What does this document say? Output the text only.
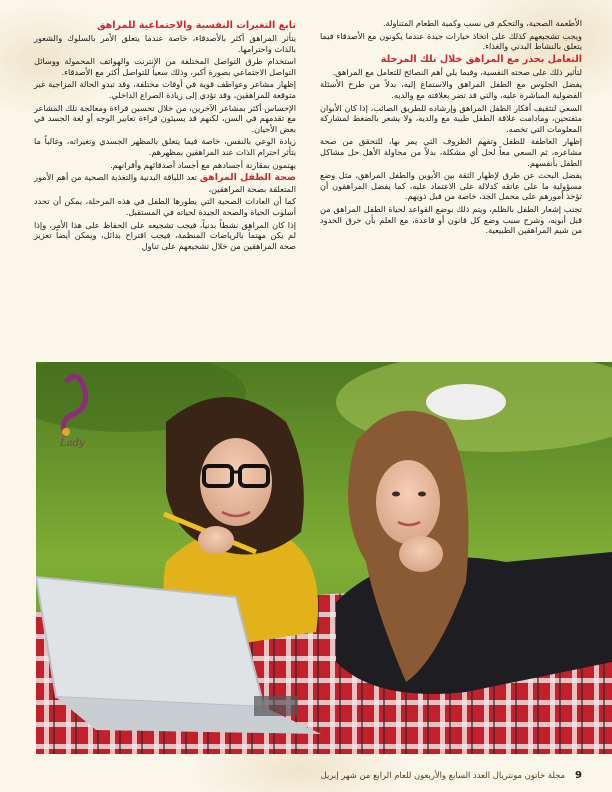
تابع التغيرات النفسية والاجتماعية للمراهق

يتأثر المراهق أكثر بالأصدقاء، خاصة عندما يتعلق الأمر بالسلوك والشعور بالذات واحترامها.

استخدام طرق التواصل المختلفة من الإنترنت والهواتف المحمولة ووسائل التواصل الاجتماعي بصورة أكبر، وذلك سعياً للتواصل أكثر مع الأصدقاء.

إظهار مشاعر وعواطف قوية في أوقات مختلفة، وقد تبدو الحالة المزاجية غير متوقعة للمراهقين، وقد تؤدي إلى زيادة الصراع الداخلي.

الإحساس أكثر بمشاعر الآخرين، من خلال تحسين قراءة ومعالجة تلك المشاعر مع تقدمهم في السن، لكنهم قد يسيئون قراءة تعابير الوجه أو لغة الجسد في بعض الأحيان.

زيادة الوعي بالنفس، خاصة فيما يتعلق بالمظهر الجسدي وتغيراته، وغالباً ما يتأثر احترام الذات عند المراهقين بمظهرهم.

يهتمون بمقارنة أجسادهم مع أجساد أصدقائهم وأقرانهم.

صحة الطفل المراهق تعد اللياقة البدنية والتغذية الصحية من أهم الأمور المتعلقة بصحة المراهقين،

كما أن العادات الصحية التي يطورها الطفل في هذه المرحلة، يمكن أن تحدد أسلوب الحياة والصحة الجيدة لحياته في المستقبل.

إذا كان المراهق نشطاً بدنياً، فيجب تشجيعه على الحفاظ على هذا الأمر، وإذا لم يكن مهتماً بالرياضات المنظمة، فيجب اقتراح بدائل، ويمكن أيضاً تعزيز صحة المراهقين من خلال تشجيعهم على تناول

الأطعمة الصحية، والتحكم في نسب وكمية الطعام المتناولة.

ويجب تشجيعهم كذلك على اتخاذ خيارات جيدة عندما يكونون مع الأصدقاء فيما يتعلق بالنشاط البدني والغذاء.

التعامل بحذر مع المراهق خلال تلك المرحلة

لتأثير ذلك على صحته النفسية، وفيما يلي أهم النصائح للتعامل مع المراهق.

يفضل الجلوس مع الطفل المراهق والاستماع إليه، بدلاً من طرح الأسئلة الفضولية المباشرة عليه، والتي قد تضر بعلاقته مع والديه.

السعي لتثقيف أفكار الطفل المراهق وإرشاده للطريق الصائب، إذا كان الأبوان متفتحين، ومادامت علاقة الطفل طيبة مع والديه، ولا يشعر بالضغط لمشاركة المعلومات التي تخصه.

إظهار العاطفة للطفل وتفهم الظروف التي يمر بها، للتحقق من صحة مشاعره، ثم السعي معاً لحل أي مشكلة، بدلاً من محاولة الأهل حل مشاكل الطفل بأنفسهم.

يفضل البحث عن طرق لإظهار الثقة بين الأبوين والطفل المراهق، مثل وضع مسؤولية ما على عاتقه كدلالة على الاعتماد عليه، كما يفضل المراهقون أن تؤخذ أمورهم على محمل الجد، خاصة من قبل ذويهم.

تجنب إشعار الطفل بالظلم، ويتم ذلك بوضع القواعد لحياة الطفل المراهق من قبل أبويه، وشرح سبب وضع كل قانون أو قاعدة، مع العلم بأن خرق الحدود من شيم المراهقين الطبيعية.

Lady
9
مجلة خاتون مونتريال العدد السابع والأربعون للعام الرابع من شهر إبريل
